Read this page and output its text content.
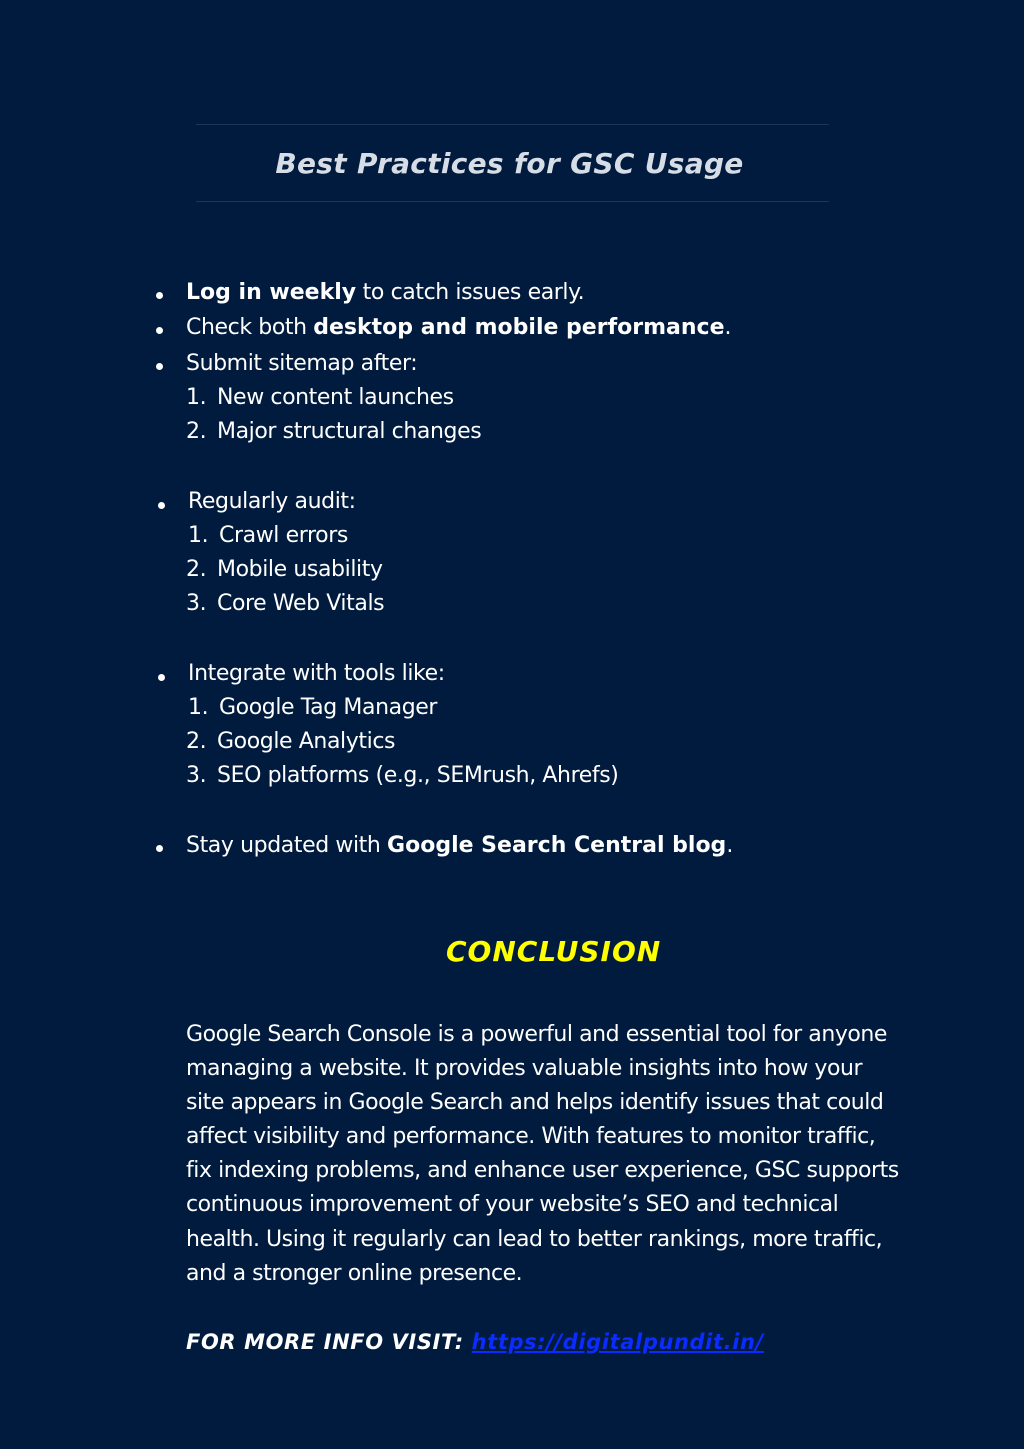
Best Practices for GSC Usage
Log in weekly to catch issues early.
Check both desktop and mobile performance.
Submit sitemap after:
1. New content launches
2. Major structural changes
Regularly audit:
1. Crawl errors
2. Mobile usability
3. Core Web Vitals
Integrate with tools like:
1. Google Tag Manager
2. Google Analytics
3. SEO platforms (e.g., SEMrush, Ahrefs)
Stay updated with Google Search Central blog.
CONCLUSION

Google Search Console is a powerful and essential tool for anyone managing a website. It provides valuable insights into how your site appears in Google Search and helps identify issues that could affect visibility and performance. With features to monitor traffic, fix indexing problems, and enhance user experience, GSC supports continuous improvement of your website’s SEO and technical health. Using it regularly can lead to better rankings, more traffic, and a stronger online presence.

FOR MORE INFO VISIT: https://digitalpundit.in/
